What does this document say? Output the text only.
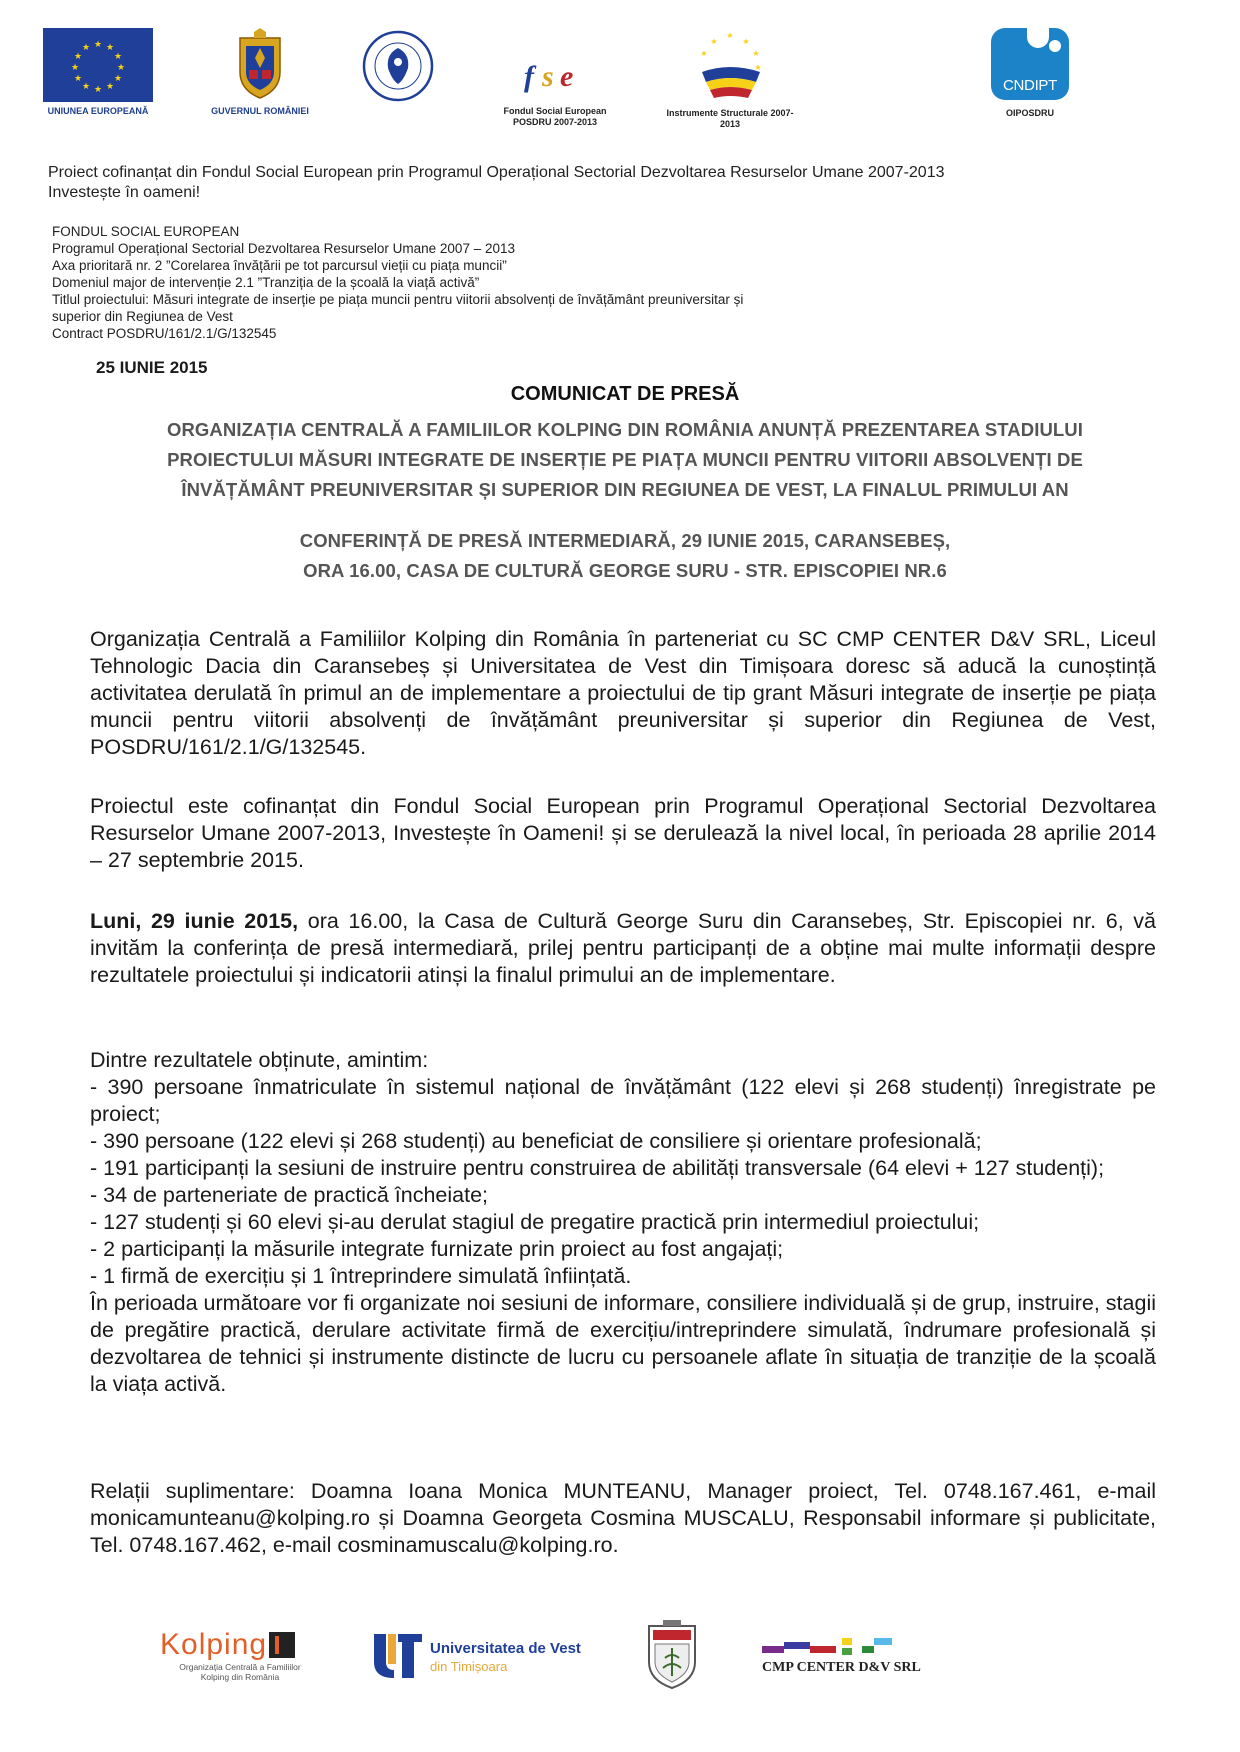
★ ★
★
★
★
★
★
★
★
★
★
★
UNIUNEA EUROPEANĂ	GUVERNUL ROMÂNIEI
f s e
Fondul Social European POSDRU 2007-2013
★
★
★
★
★
★
Instrumente Structurale 2007-2013
CNDIPT
OIPOSDRU
Proiect cofinanțat din Fondul Social European prin Programul Operațional Sectorial Dezvoltarea Resurselor Umane 2007-2013
Investește în oameni!
FONDUL SOCIAL EUROPEAN
Programul Operațional Sectorial Dezvoltarea Resurselor Umane 2007 – 2013
Axa prioritară nr. 2 ”Corelarea învățării pe tot parcursul vieții cu piața muncii”
Domeniul major de intervenție 2.1 ”Tranziția de la școală la viață activă”
Titlul proiectului: Măsuri integrate de inserție pe piața muncii pentru viitorii absolvenți de învățământ preuniversitar și
superior din Regiunea de Vest
Contract POSDRU/161/2.1/G/132545
25 IUNIE 2015
COMUNICAT DE PRESĂ
ORGANIZAȚIA CENTRALĂ A FAMILIILOR KOLPING DIN ROMÂNIA ANUNȚĂ PREZENTAREA STADIULUI
PROIECTULUI MĂSURI INTEGRATE DE INSERȚIE PE PIAȚA MUNCII PENTRU VIITORII ABSOLVENȚI DE
ÎNVĂȚĂMÂNT PREUNIVERSITAR ȘI SUPERIOR DIN REGIUNEA DE VEST, LA FINALUL PRIMULUI AN
CONFERINȚĂ DE PRESĂ INTERMEDIARĂ, 29 IUNIE 2015, CARANSEBEȘ,
ORA 16.00, CASA DE CULTURĂ GEORGE SURU - STR. EPISCOPIEI NR.6
Organizația Centrală a Familiilor Kolping din România în parteneriat cu SC CMP CENTER D&V SRL, Liceul Tehnologic Dacia din Caransebeș și Universitatea de Vest din Timișoara doresc să aducă la cunoștință activitatea derulată în primul an de implementare a proiectului de tip grant Măsuri integrate de inserție pe piața muncii pentru viitorii absolvenți de învățământ preuniversitar și superior din Regiunea de Vest, POSDRU/161/2.1/G/132545.
Proiectul este cofinanțat din Fondul Social European prin Programul Operațional Sectorial Dezvoltarea Resurselor Umane 2007-2013, Investește în Oameni! și se derulează la nivel local, în perioada 28 aprilie 2014 – 27 septembrie 2015.
Luni, 29 iunie 2015, ora 16.00, la Casa de Cultură George Suru din Caransebeș, Str. Episcopiei nr. 6, vă invităm la conferința de presă intermediară, prilej pentru participanți de a obține mai multe informații despre rezultatele proiectului și indicatorii atinși la finalul primului an de implementare.
Dintre rezultatele obținute, amintim:
- 390 persoane înmatriculate în sistemul național de învățământ (122 elevi și 268 studenți) înregistrate pe proiect;
- 390 persoane (122 elevi și 268 studenți) au beneficiat de consiliere și orientare profesională;
- 191 participanți la sesiuni de instruire pentru construirea de abilități transversale (64 elevi + 127 studenți);
- 34 de parteneriate de practică încheiate;
- 127 studenți și 60 elevi și-au derulat stagiul de pregatire practică prin intermediul proiectului;
- 2 participanți la măsurile integrate furnizate prin proiect au fost angajați;
- 1 firmă de exercițiu și 1 întreprindere simulată înființată.
În perioada următoare vor fi organizate noi sesiuni de informare, consiliere individuală și de grup, instruire, stagii de pregătire practică, derulare activitate firmă de exercițiu/intreprindere simulată, îndrumare profesională și dezvoltarea de tehnici și instrumente distincte de lucru cu persoanele aflate în situația de tranziție de la școală la viața activă.
Relații suplimentare: Doamna Ioana Monica MUNTEANU, Manager proiect, Tel. 0748.167.461, e-mail monicamunteanu@kolping.ro și Doamna Georgeta Cosmina MUSCALU, Responsabil informare și publicitate, Tel. 0748.167.462, e-mail cosminamuscalu@kolping.ro.
Kolping
Organizația Centrală a Familiilor
Kolping din România
Universitatea de Vest
din Timișoara	CMP CENTER D&V SRL
